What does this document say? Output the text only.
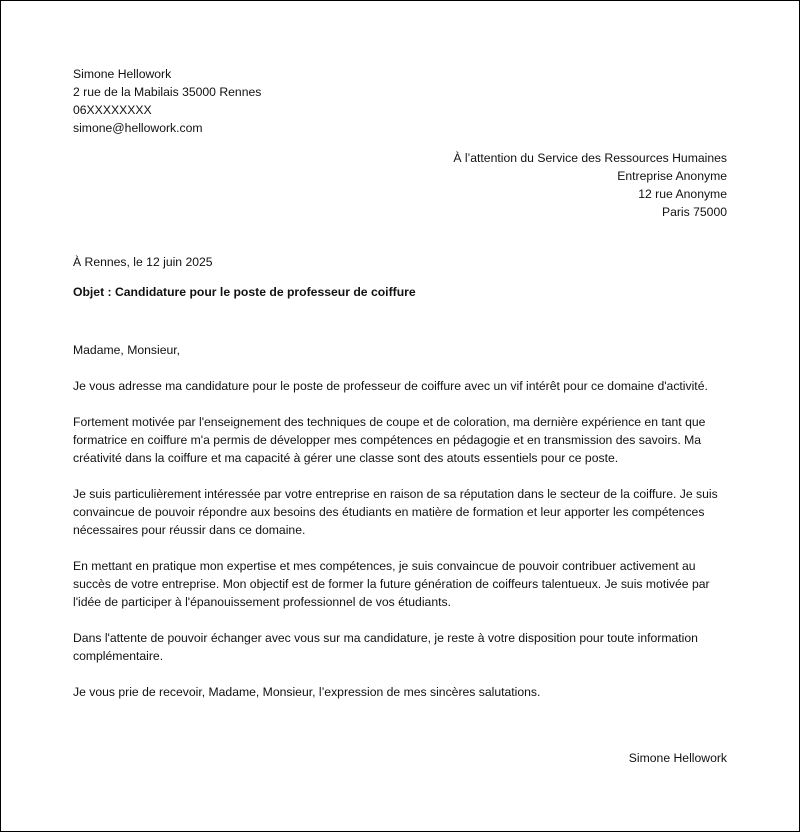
Simone Hellowork
2 rue de la Mabilais 35000 Rennes
06XXXXXXXX
simone@hellowork.com
À l’attention du Service des Ressources Humaines
Entreprise Anonyme
12 rue Anonyme
Paris 75000
À Rennes, le 12 juin 2025
Objet : Candidature pour le poste de professeur de coiffure

Madame, Monsieur,

Je vous adresse ma candidature pour le poste de professeur de coiffure avec un vif intérêt pour ce domaine d'activité.

Fortement motivée par l'enseignement des techniques de coupe et de coloration, ma dernière expérience en tant que formatrice en coiffure m'a permis de développer mes compétences en pédagogie et en transmission des savoirs. Ma créativité dans la coiffure et ma capacité à gérer une classe sont des atouts essentiels pour ce poste.

Je suis particulièrement intéressée par votre entreprise en raison de sa réputation dans le secteur de la coiffure. Je suis convaincue de pouvoir répondre aux besoins des étudiants en matière de formation et leur apporter les compétences nécessaires pour réussir dans ce domaine.

En mettant en pratique mon expertise et mes compétences, je suis convaincue de pouvoir contribuer activement au succès de votre entreprise. Mon objectif est de former la future génération de coiffeurs talentueux. Je suis motivée par l'idée de participer à l'épanouissement professionnel de vos étudiants.

Dans l'attente de pouvoir échanger avec vous sur ma candidature, je reste à votre disposition pour toute information complémentaire.

Je vous prie de recevoir, Madame, Monsieur, l’expression de mes sincères salutations.

Simone Hellowork
